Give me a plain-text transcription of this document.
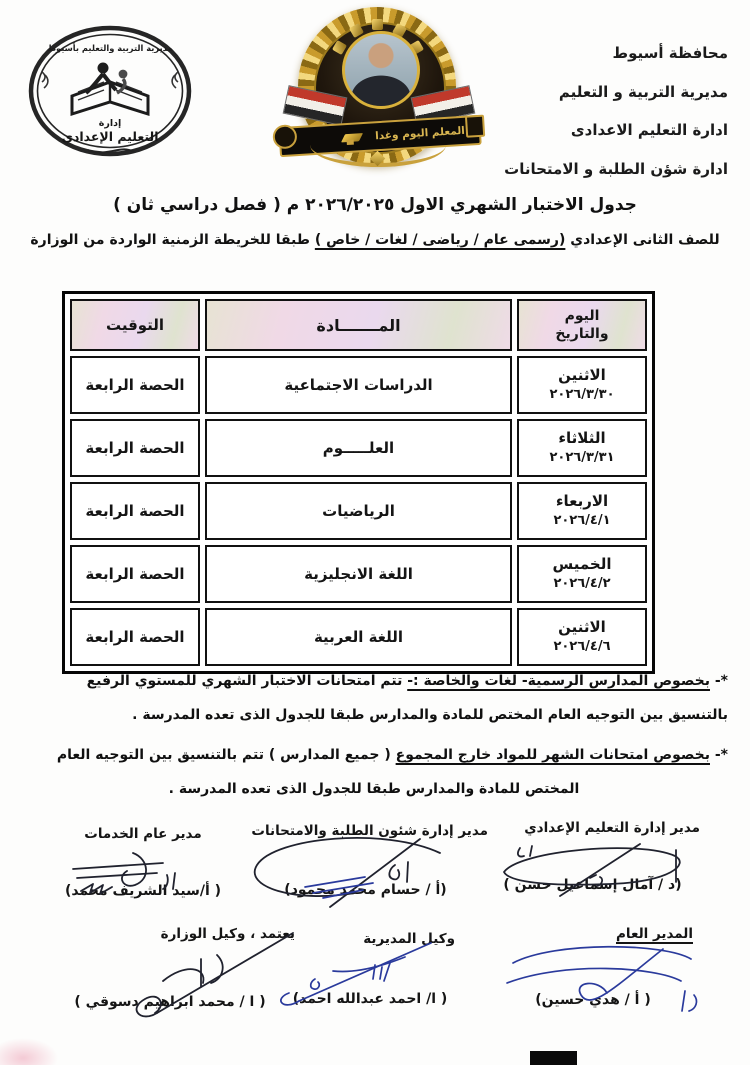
محافظة أسيوط
مديرية التربية و التعليم
ادارة التعليم الاعدادى
ادارة شؤن الطلبة و الامتحانات
مديرية التربية والتعليم بأسيوط
إدارة
التعليم الإعدادي	المعلم اليوم وغدا
جدول الاختبار الشهري الاول ٢٠٢٦/٢٠٢٥ م ( فصل دراسي ثان )
للصف الثانى الإعدادي (رسمى عام / رياضى / لغات / خاص ) طبقا للخريطة الزمنية الواردة من الوزارة
اليوم
والتاريخ	المـــــــادة	التوقيت

الاثنين
٢٠٢٦/٣/٣٠	الدراسات الاجتماعية	الحصة الرابعة

الثلاثاء
٢٠٢٦/٣/٣١	العلـــــوم	الحصة الرابعة

الاربعاء
٢٠٢٦/٤/١	الرياضيات	الحصة الرابعة

الخميس
٢٠٢٦/٤/٢	اللغة الانجليزية	الحصة الرابعة

الاثنين
٢٠٢٦/٤/٦	اللغة العربية	الحصة الرابعة
*- بخصوص المدارس الرسمية- لغات والخاصة :- تتم امتحانات الاختبار الشهري للمستوي الرفيع
بالتنسيق بين التوجيه العام المختص للمادة والمدارس طبقا للجدول الذى تعده المدرسة .
*- بخصوص امتحانات الشهر للمواد خارج المجموع ( جميع المدارس ) تتم بالتنسيق بين التوجيه العام
المختص للمادة والمدارس طبقا للجدول الذى تعده المدرسة .
مدير إدارة التعليم الإعدادي
(د / آمال إسماعيل حسن )
مدير إدارة شئون الطلبة والامتحانات
(أ / حسام محمد محمود)
مدير عام الخدمات
( أ/سيد الشريف محمد)
المدير العام
( أ / هدي حسين)
وكيل المديرية
( ا/ احمد عبدالله احمد)
يعتمد ، وكيل الوزارة
( ا / محمد ابراهيم دسوقي )
